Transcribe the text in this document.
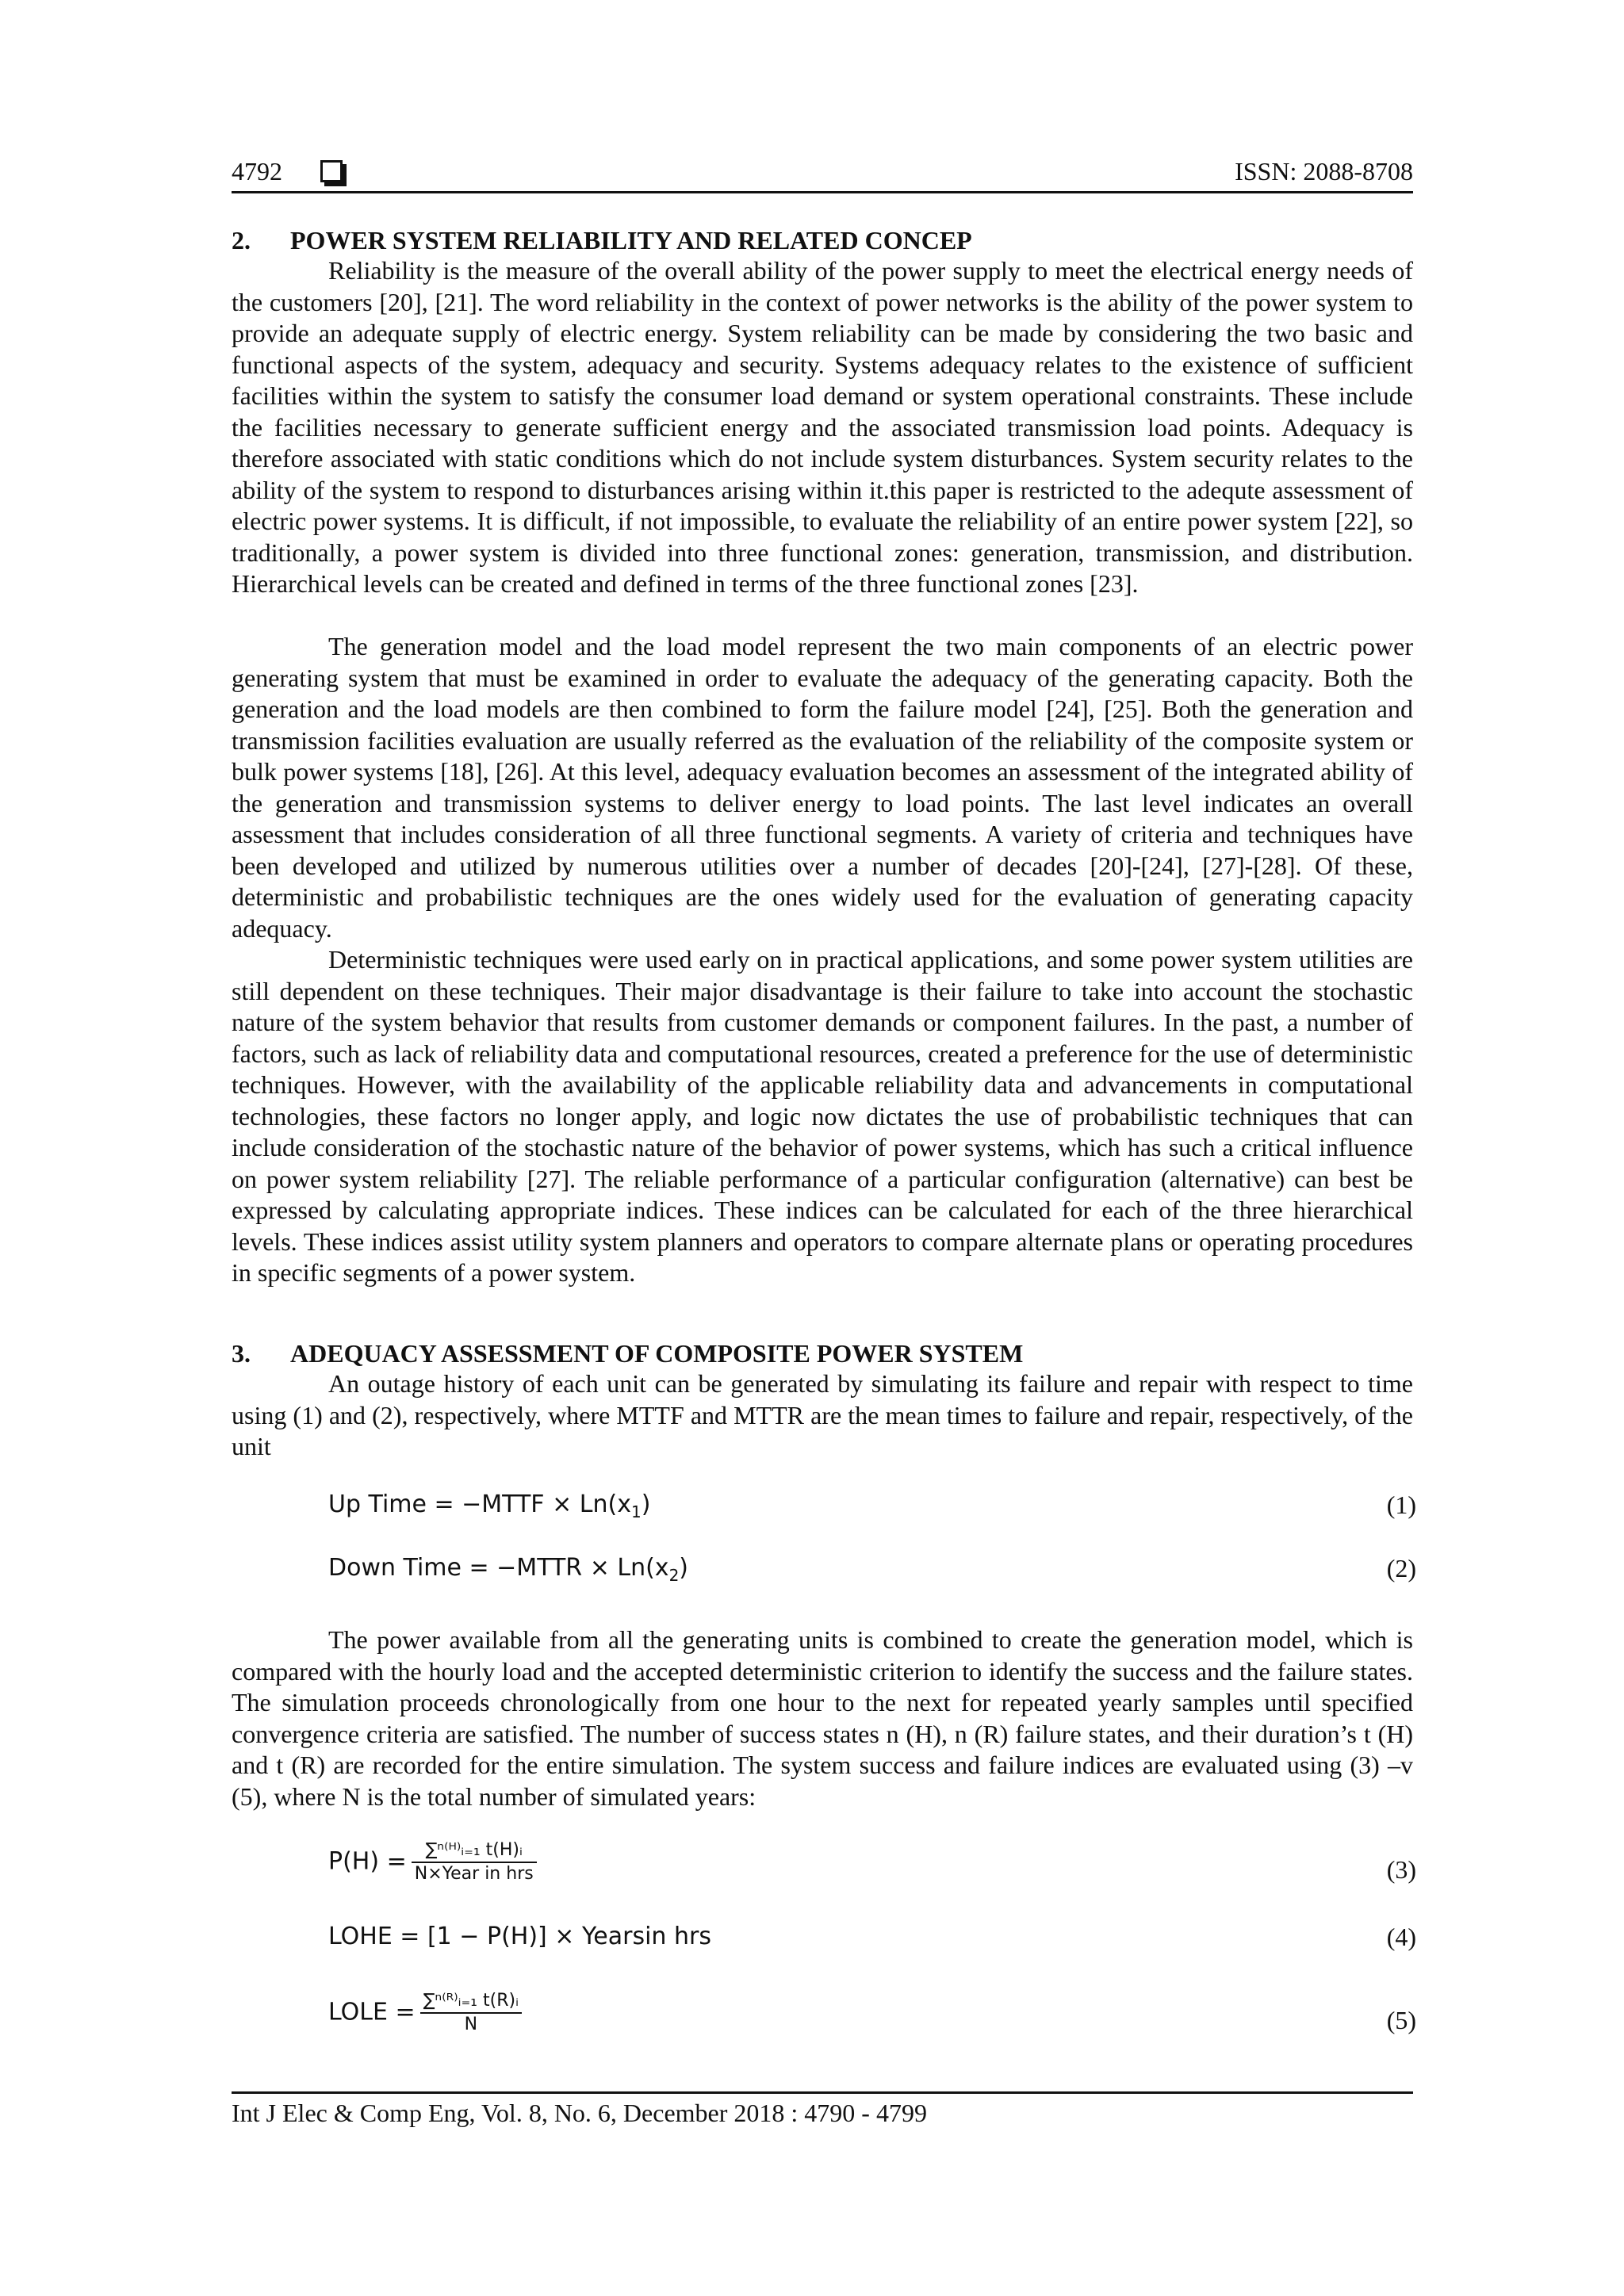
4792	ISSN: 2088-8708
2. POWER SYSTEM RELIABILITY AND RELATED CONCEP

Reliability is the measure of the overall ability of the power supply to meet the electrical energy needs of the customers [20], [21]. The word reliability in the context of power networks is the ability of the power system to provide an adequate supply of electric energy. System reliability can be made by considering the two basic and functional aspects of the system, adequacy and security. Systems adequacy relates to the existence of sufficient facilities within the system to satisfy the consumer load demand or system operational constraints. These include the facilities necessary to generate sufficient energy and the associated transmission load points. Adequacy is therefore associated with static conditions which do not include system disturbances. System security relates to the ability of the system to respond to disturbances arising within it.this paper is restricted to the adequte assessment of electric power systems. It is difficult, if not impossible, to evaluate the reliability of an entire power system [22], so traditionally, a power system is divided into three functional zones: generation, transmission, and distribution. Hierarchical levels can be created and defined in terms of the three functional zones [23].

The generation model and the load model represent the two main components of an electric power generating system that must be examined in order to evaluate the adequacy of the generating capacity. Both the generation and the load models are then combined to form the failure model [24], [25]. Both the generation and transmission facilities evaluation are usually referred as the evaluation of the reliability of the composite system or bulk power systems [18], [26]. At this level, adequacy evaluation becomes an assessment of the integrated ability of the generation and transmission systems to deliver energy to load points. The last level indicates an overall assessment that includes consideration of all three functional segments. A variety of criteria and techniques have been developed and utilized by numerous utilities over a number of decades [20]-[24], [27]-[28]. Of these, deterministic and probabilistic techniques are the ones widely used for the evaluation of generating capacity adequacy.

Deterministic techniques were used early on in practical applications, and some power system utilities are still dependent on these techniques. Their major disadvantage is their failure to take into account the stochastic nature of the system behavior that results from customer demands or component failures. In the past, a number of factors, such as lack of reliability data and computational resources, created a preference for the use of deterministic techniques. However, with the availability of the applicable reliability data and advancements in computational technologies, these factors no longer apply, and logic now dictates the use of probabilistic techniques that can include consideration of the stochastic nature of the behavior of power systems, which has such a critical influence on power system reliability [27]. The reliable performance of a particular configuration (alternative) can best be expressed by calculating appropriate indices. These indices can be calculated for each of the three hierarchical levels. These indices assist utility system planners and operators to compare alternate plans or operating procedures in specific segments of a power system.

3. ADEQUACY ASSESSMENT OF COMPOSITE POWER SYSTEM

An outage history of each unit can be generated by simulating its failure and repair with respect to time using (1) and (2), respectively, where MTTF and MTTR are the mean times to failure and repair, respectively, of the unit

Up Time = −MTTF × $Ln(x_1)$	(1)
Down Time = −MTTR × $Ln(x_2)$	(2)

The power available from all the generating units is combined to create the generation model, which is compared with the hourly load and the accepted deterministic criterion to identify the success and the failure states. The simulation proceeds chronologically from one hour to the next for repeated yearly samples until specified convergence criteria are satisfied. The number of success states n (H), n (R) failure states, and their duration’s t (H) and t (R) are recorded for the entire simulation. The system success and failure indices are evaluated using (3) –v (5), where N is the total number of simulated years:

$P(H) = \frac{\text{∑ⁿ⁽ᴴ⁾ᵢ₌₁ t(H)ᵢ}}{\text{N×Year in hrs}}$	(3)
LOHE = [1 − P(H)] × Yearsin hrs	(4)
LOLE = $\frac{\text{∑ⁿ⁽ᴿ⁾ᵢ₌₁ t(R)ᵢ}}{N}$	(5)
Int J Elec & Comp Eng, Vol. 8, No. 6, December 2018 : 4790 - 4799
